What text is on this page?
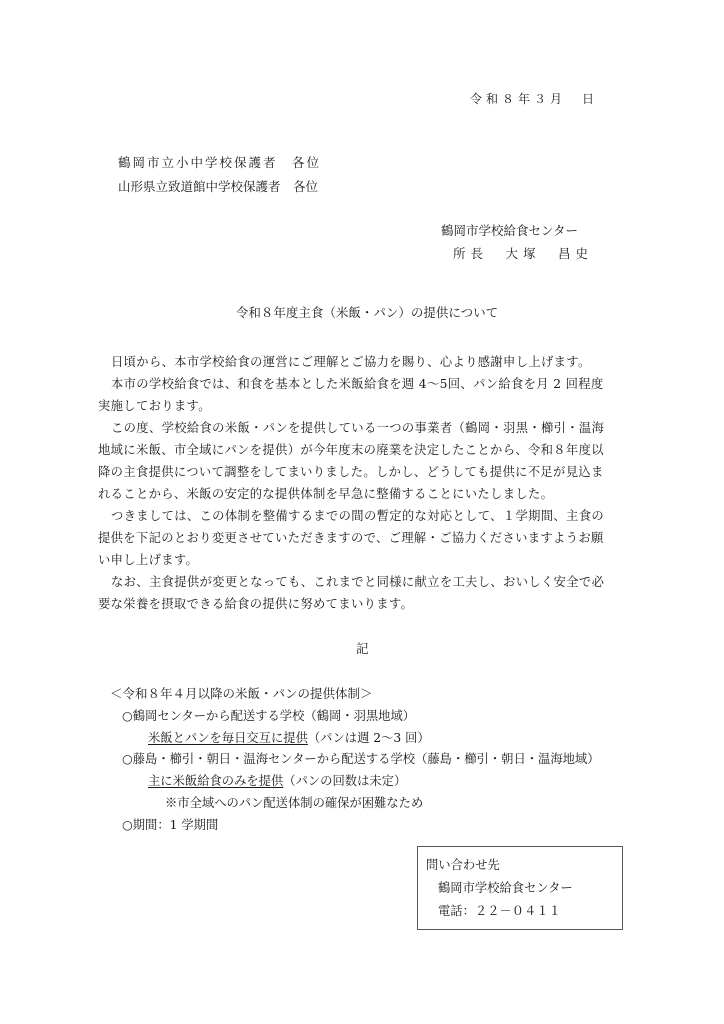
令和８年３月　日
鶴岡市立小中学校保護者　各位
山形県立致道館中学校保護者　各位
鶴岡市学校給食センター
所長　大塚　昌史
令和８年度主食（米飯・パン）の提供について
日頃から、本市学校給食の運営にご理解とご協力を賜り、心より感謝申し上げます。
本市の学校給食では、和食を基本とした米飯給食を週 4～5回、パン給食を月 2 回程度
実施しております。
この度、学校給食の米飯・パンを提供している一つの事業者（鶴岡・羽黒・櫛引・温海
地域に米飯、市全域にパンを提供）が今年度末の廃業を決定したことから、令和８年度以
降の主食提供について調整をしてまいりました。しかし、どうしても提供に不足が見込ま
れることから、米飯の安定的な提供体制を早急に整備することにいたしました。
つきましては、この体制を整備するまでの間の暫定的な対応として、１学期間、主食の
提供を下記のとおり変更させていただきますので、ご理解・ご協力くださいますようお願
い申し上げます。
なお、主食提供が変更となっても、これまでと同様に献立を工夫し、おいしく安全で必
要な栄養を摂取できる給食の提供に努めてまいります。
記
＜令和８年４月以降の米飯・パンの提供体制＞
○鶴岡センターから配送する学校（鶴岡・羽黒地域）
米飯とパンを毎日交互に提供（パンは週 2～3 回）
○藤島・櫛引・朝日・温海センターから配送する学校（藤島・櫛引・朝日・温海地域）
主に米飯給食のみを提供（パンの回数は未定）
※市全域へのパン配送体制の確保が困難なため
○期間：1 学期間
問い合わせ先
鶴岡市学校給食センター
電話：２２－０４１１
